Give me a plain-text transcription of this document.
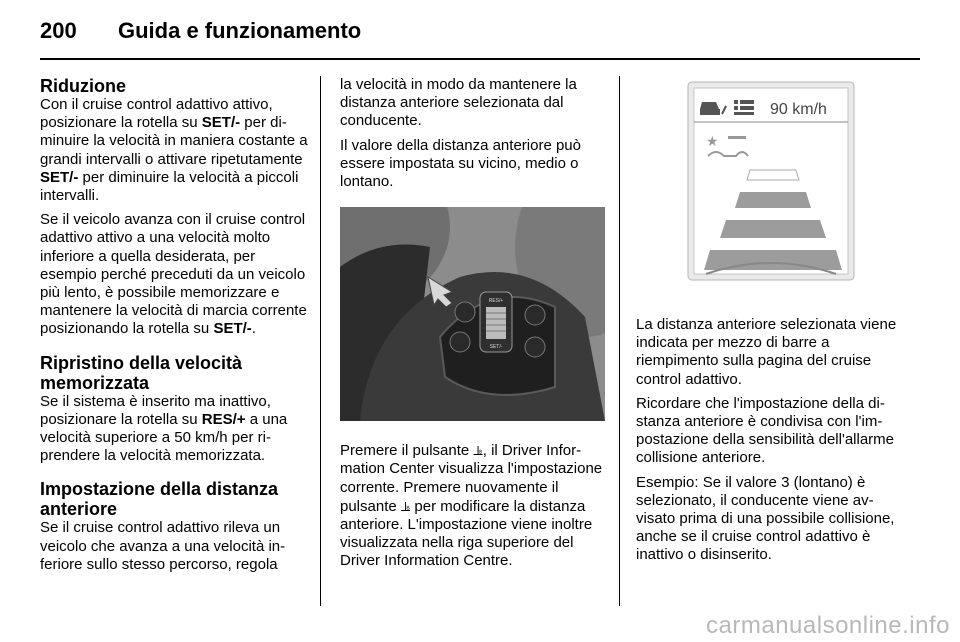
200 Guida e funzionamento
Riduzione

Con il cruise control adattivo attivo, posizionare la rotella su SET/- per diminuire la velocità in maniera costante a grandi intervalli o attivare ripetutamente SET/- per diminuire la velocità a piccoli intervalli.

Se il veicolo avanza con il cruise control adattivo attivo a una velocità molto inferiore a quella desiderata, per esempio perché preceduti da un veicolo più lento, è possibile memorizzare e mantenere la velocità di marcia corrente posizionando la rotella su SET/-.

Ripristino della velocità memorizzata

Se il sistema è inserito ma inattivo, posizionare la rotella su RES/+ a una velocità superiore a 50 km/h per riprendere la velocità memorizzata.

Impostazione della distanza anteriore

Se il cruise control adattivo rileva un veicolo che avanza a una velocità inferiore sullo stesso percorso, regola

la velocità in modo da mantenere la distanza anteriore selezionata dal conducente.

Il valore della distanza anteriore può essere impostata su vicino, medio o lontano.

RES/+
SET/-

Premere il pulsante ⫡, il Driver Information Center visualizza l'impostazione corrente. Premere nuovamente il pulsante ⫡ per modificare la distanza anteriore. L'impostazione viene inoltre visualizzata nella riga superiore del Driver Information Centre.

90 km/h
★

La distanza anteriore selezionata viene indicata per mezzo di barre a riempimento sulla pagina del cruise control adattivo.

Ricordare che l'impostazione della distanza anteriore è condivisa con l'impostazione della sensibilità dell'allarme collisione anteriore.

Esempio: Se il valore 3 (lontano) è selezionato, il conducente viene avvisato prima di una possibile collisione, anche se il cruise control adattivo è inattivo o disinserito.

carmanualsonline.info
